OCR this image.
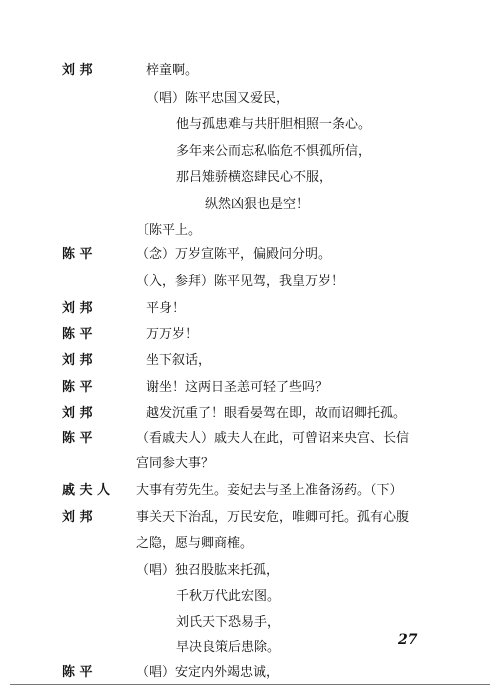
刘 邦	梓童啊。
（唱）陈平忠国又爱民，
他与孤患难与共肝胆相照一条心。
多年来公而忘私临危不惧孤所信，
那吕雉骄横恣肆民心不服，
纵然凶狠也是空！
〔陈平上。
陈 平	（念）万岁宣陈平，偏殿问分明。
（入，参拜）陈平见驾，我皇万岁！
刘 邦	平身！
陈 平	万万岁！
刘 邦	坐下叙话，
陈 平	谢坐！这两日圣恙可轻了些吗？
刘 邦	越发沉重了！眼看晏驾在即，故而诏卿托孤。
陈 平	（看戚夫人）戚夫人在此，可曾诏来央宫、长信
宫同参大事？
戚 夫 人	大事有劳先生。妾妃去与圣上准备汤药。（下）
刘 邦	事关天下治乱，万民安危，唯卿可托。孤有心腹
之隐，愿与卿商榷。
（唱）独召股肱来托孤，
千秋万代此宏图。
刘氏天下恐易手，
早决良策后患除。
陈 平	（唱）安定内外竭忠诚，
27
